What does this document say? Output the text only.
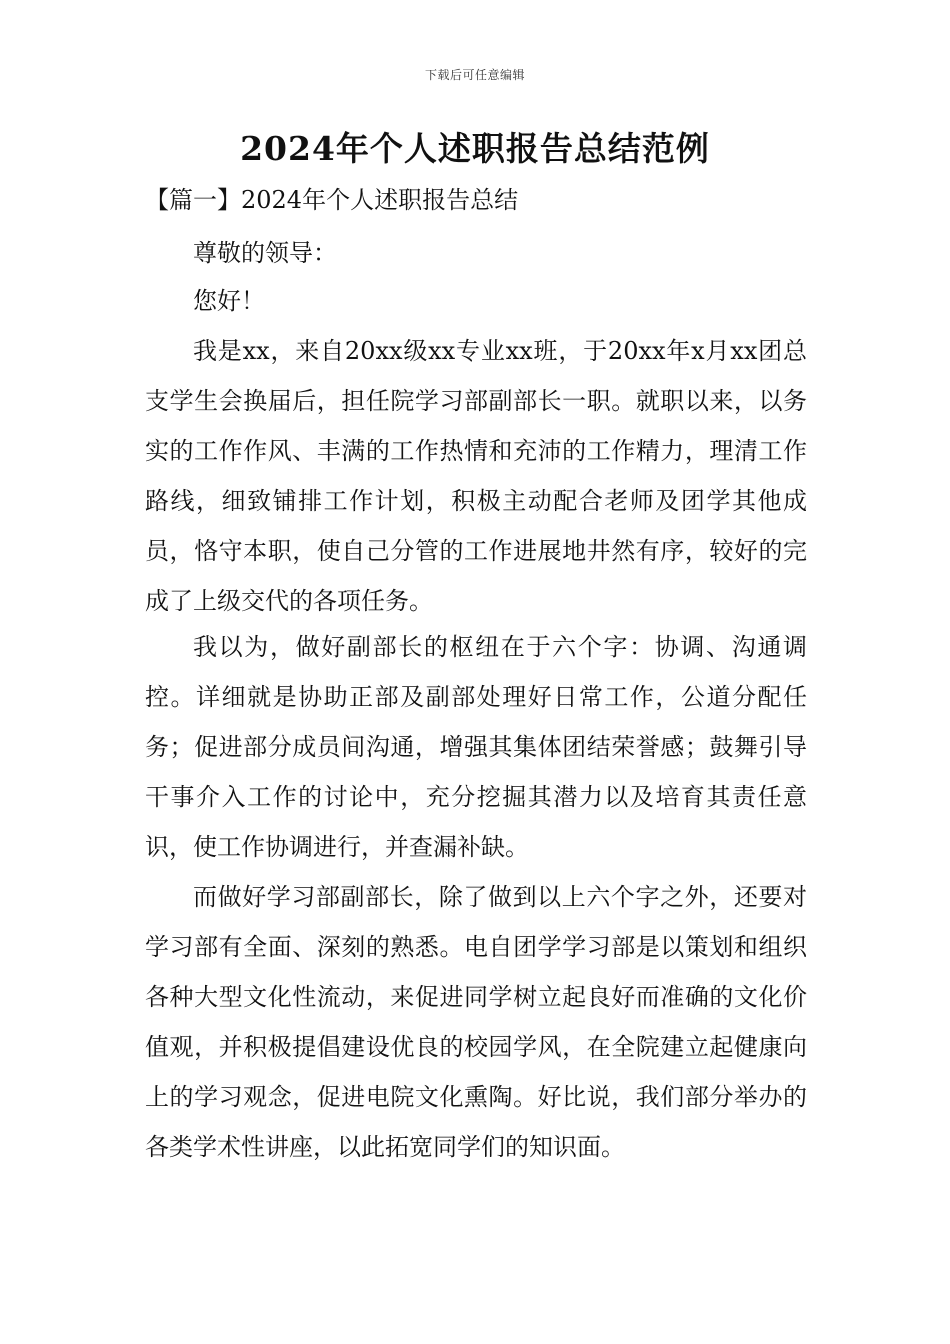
下载后可任意编辑
2024年个人述职报告总结范例
【篇一】2024年个人述职报告总结

尊敬的领导：

您好！

我是xx，来自20xx级xx专业xx班，于20xx年x月xx团总支学生会换届后，担任院学习部副部长一职。就职以来，以务实的工作作风、丰满的工作热情和充沛的工作精力，理清工作路线，细致铺排工作计划，积极主动配合老师及团学其他成员，恪守本职，使自己分管的工作进展地井然有序，较好的完成了上级交代的各项任务。

我以为，做好副部长的枢纽在于六个字：协调、沟通调控。详细就是协助正部及副部处理好日常工作，公道分配任务；促进部分成员间沟通，增强其集体团结荣誉感；鼓舞引导干事介入工作的讨论中，充分挖掘其潜力以及培育其责任意识，使工作协调进行，并查漏补缺。

而做好学习部副部长，除了做到以上六个字之外，还要对学习部有全面、深刻的熟悉。电自团学学习部是以策划和组织各种大型文化性流动，来促进同学树立起良好而准确的文化价值观，并积极提倡建设优良的校园学风，在全院建立起健康向上的学习观念，促进电院文化熏陶。好比说，我们部分举办的各类学术性讲座，以此拓宽同学们的知识面。
